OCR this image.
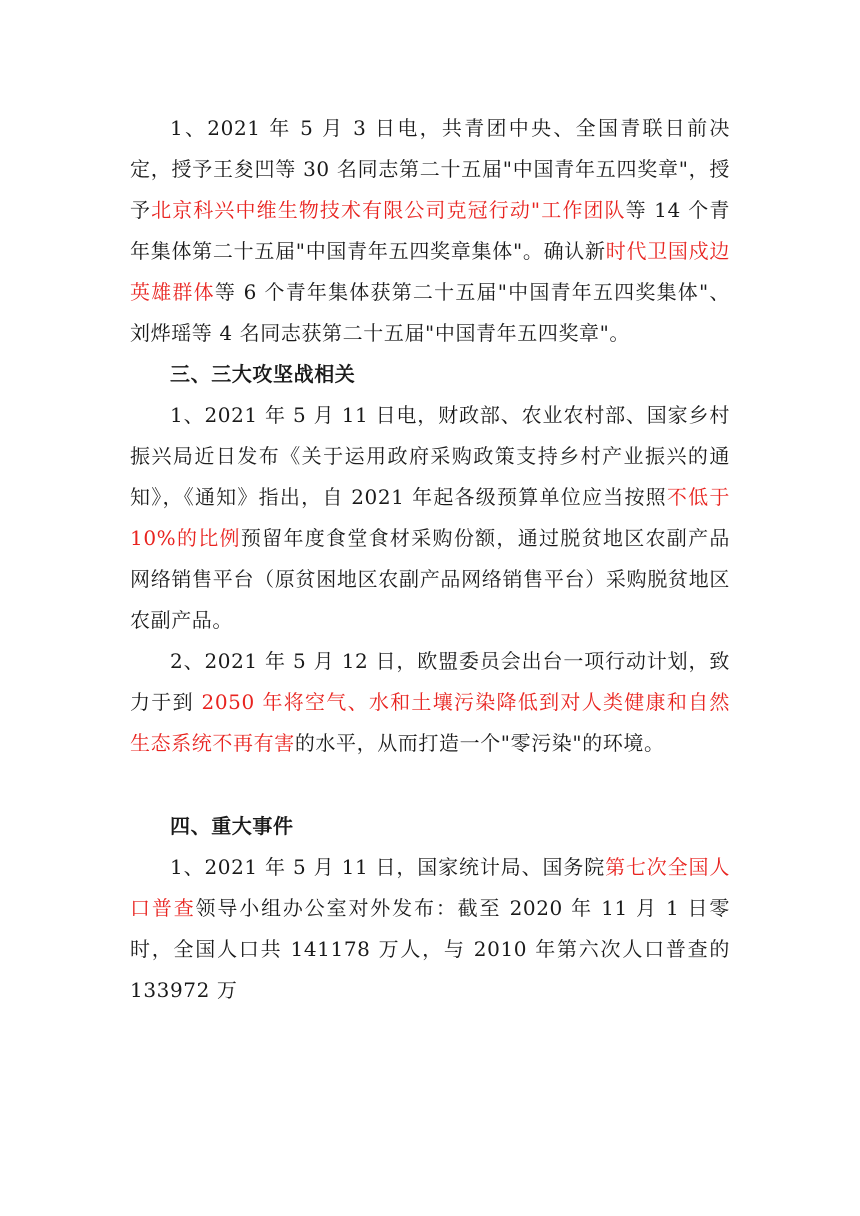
1、2021 年 5 月 3 日电，共青团中央、全国青联日前决定，授予王夋凹等 30 名同志第二十五届"中国青年五四奖章"，授予北京科兴中维生物技术有限公司克冠行动"工作团队等 14 个青年集体第二十五届"中国青年五四奖章集体"。确认新时代卫国戍边英雄群体等 6 个青年集体获第二十五届"中国青年五四奖集体"、刘烨瑶等 4 名同志获第二十五届"中国青年五四奖章"。

三、三大攻坚战相关

1、2021 年 5 月 11 日电，财政部、农业农村部、国家乡村振兴局近日发布《关于运用政府采购政策支持乡村产业振兴的通知》，《通知》指出，自 2021 年起各级预算单位应当按照不低于10%的比例预留年度食堂食材采购份额，通过脱贫地区农副产品网络销售平台（原贫困地区农副产品网络销售平台）采购脱贫地区农副产品。

2、2021 年 5 月 12 日，欧盟委员会出台一项行动计划，致力于到 2050 年将空气、水和土壤污染降低到对人类健康和自然生态系统不再有害的水平，从而打造一个"零污染"的环境。

四、重大事件

1、2021 年 5 月 11 日，国家统计局、国务院第七次全国人口普查领导小组办公室对外发布：截至 2020 年 11 月 1 日零时，全国人口共 141178 万人，与 2010 年第六次人口普查的 133972 万
